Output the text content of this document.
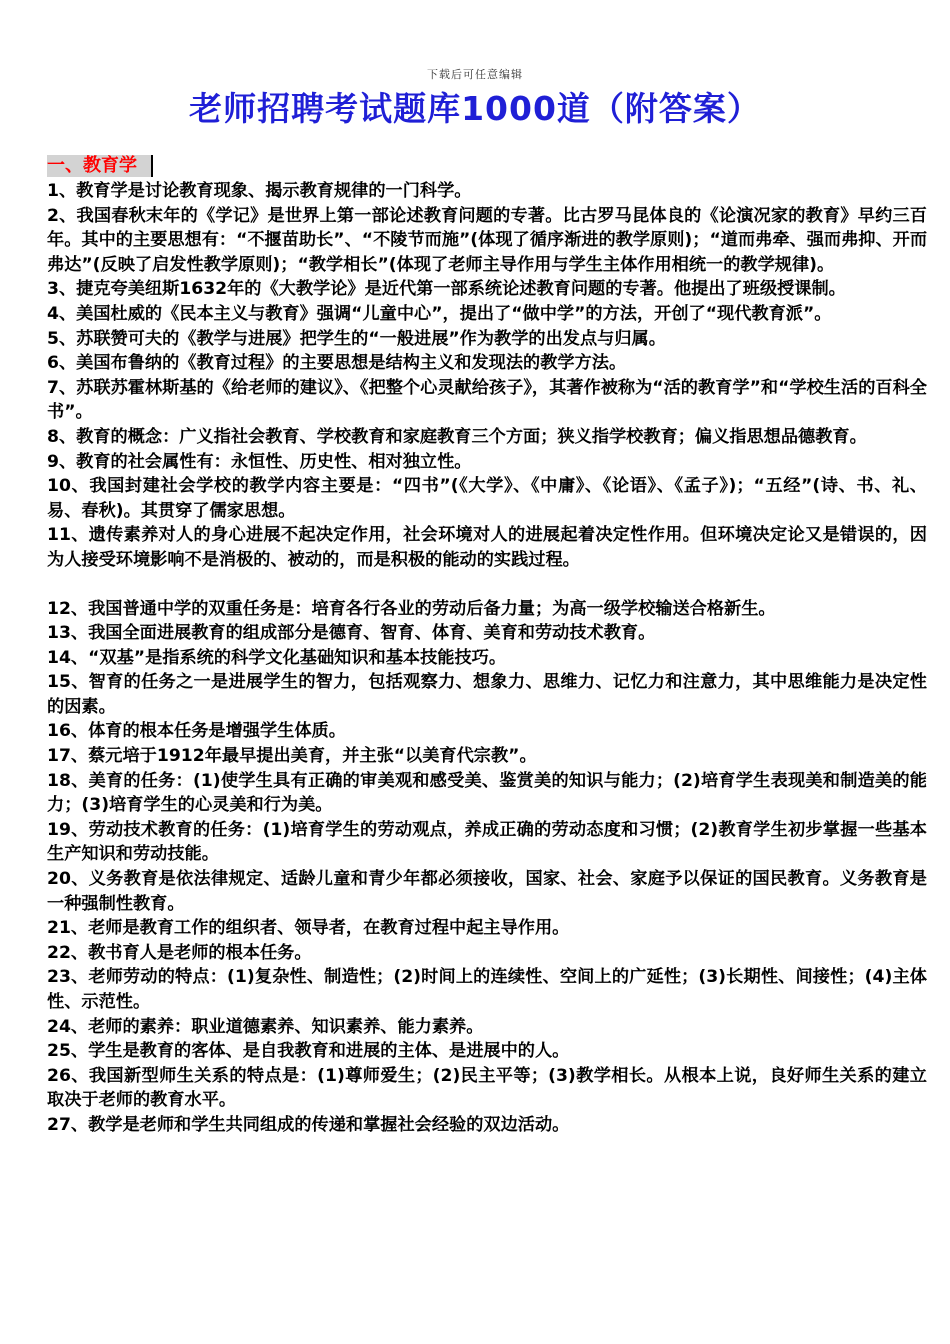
下载后可任意编辑
老师招聘考试题库1000道（附答案）
一、教育学

1、教育学是讨论教育现象、揭示教育规律的一门科学。

2、我国春秋末年的《学记》是世界上第一部论述教育问题的专著。比古罗马昆体良的《论演况家的教育》早约三百年。其中的主要思想有：“不揠苗助长”、“不陵节而施”(体现了循序渐进的教学原则)；“道而弗牵、强而弗抑、开而弗达”(反映了启发性教学原则)；“教学相长”(体现了老师主导作用与学生主体作用相统一的教学规律)。

3、捷克夸美纽斯1632年的《大教学论》是近代第一部系统论述教育问题的专著。他提出了班级授课制。

4、美国杜威的《民本主义与教育》强调“儿童中心”，提出了“做中学”的方法，开创了“现代教育派”。

5、苏联赞可夫的《教学与进展》把学生的“一般进展”作为教学的出发点与归属。

6、美国布鲁纳的《教育过程》的主要思想是结构主义和发现法的教学方法。

7、苏联苏霍林斯基的《给老师的建议》、《把整个心灵献给孩子》，其著作被称为“活的教育学”和“学校生活的百科全书”。

8、教育的概念：广义指社会教育、学校教育和家庭教育三个方面；狭义指学校教育；偏义指思想品德教育。

9、教育的社会属性有：永恒性、历史性、相对独立性。

10、我国封建社会学校的教学内容主要是：“四书”(《大学》、《中庸》、《论语》、《孟子》)；“五经”(诗、书、礼、易、春秋)。其贯穿了儒家思想。

11、遗传素养对人的身心进展不起决定作用，社会环境对人的进展起着决定性作用。但环境决定论又是错误的，因为人接受环境影响不是消极的、被动的，而是积极的能动的实践过程。

12、我国普通中学的双重任务是：培育各行各业的劳动后备力量；为高一级学校输送合格新生。

13、我国全面进展教育的组成部分是德育、智育、体育、美育和劳动技术教育。

14、“双基”是指系统的科学文化基础知识和基本技能技巧。

15、智育的任务之一是进展学生的智力，包括观察力、想象力、思维力、记忆力和注意力，其中思维能力是决定性的因素。

16、体育的根本任务是增强学生体质。

17、蔡元培于1912年最早提出美育，并主张“以美育代宗教”。

18、美育的任务：(1)使学生具有正确的审美观和感受美、鉴赏美的知识与能力；(2)培育学生表现美和制造美的能力；(3)培育学生的心灵美和行为美。

19、劳动技术教育的任务：(1)培育学生的劳动观点，养成正确的劳动态度和习惯；(2)教育学生初步掌握一些基本生产知识和劳动技能。

20、义务教育是依法律规定、适龄儿童和青少年都必须接收，国家、社会、家庭予以保证的国民教育。义务教育是一种强制性教育。

21、老师是教育工作的组织者、领导者，在教育过程中起主导作用。

22、教书育人是老师的根本任务。

23、老师劳动的特点：(1)复杂性、制造性；(2)时间上的连续性、空间上的广延性；(3)长期性、间接性；(4)主体性、示范性。

24、老师的素养：职业道德素养、知识素养、能力素养。

25、学生是教育的客体、是自我教育和进展的主体、是进展中的人。

26、我国新型师生关系的特点是：(1)尊师爱生；(2)民主平等；(3)教学相长。从根本上说，良好师生关系的建立取决于老师的教育水平。

27、教学是老师和学生共同组成的传递和掌握社会经验的双边活动。
